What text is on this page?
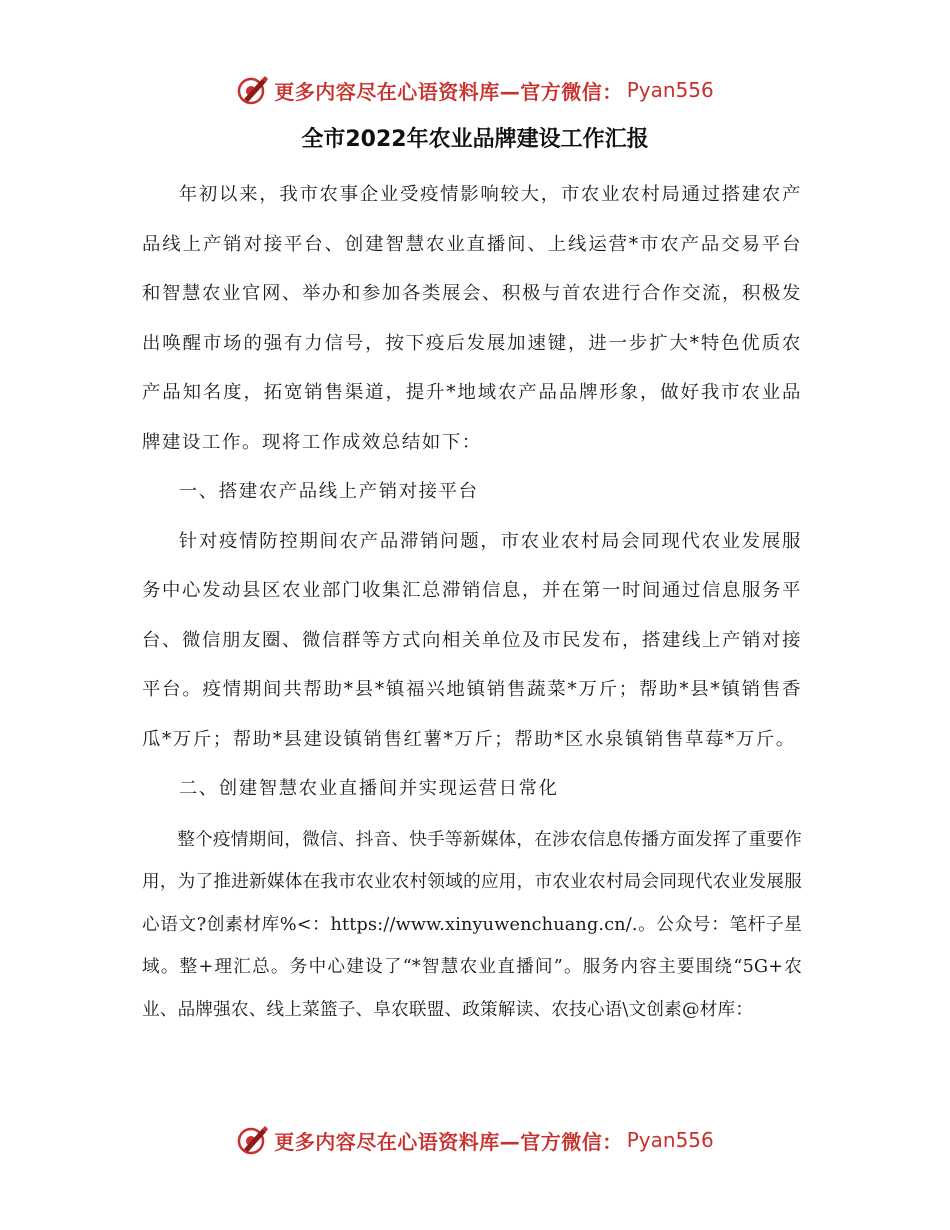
更多内容尽在心语资料库—官方微信： Pyan556
全市2022年农业品牌建设工作汇报

年初以来，我市农事企业受疫情影响较大，市农业农村局通过搭建农产品线上产销对接平台、创建智慧农业直播间、上线运营*市农产品交易平台和智慧农业官网、举办和参加各类展会、积极与首农进行合作交流，积极发出唤醒市场的强有力信号，按下疫后发展加速键，进一步扩大*特色优质农产品知名度，拓宽销售渠道，提升*地域农产品品牌形象，做好我市农业品牌建设工作。现将工作成效总结如下：

一、搭建农产品线上产销对接平台

针对疫情防控期间农产品滞销问题，市农业农村局会同现代农业发展服务中心发动县区农业部门收集汇总滞销信息，并在第一时间通过信息服务平台、微信朋友圈、微信群等方式向相关单位及市民发布，搭建线上产销对接平台。疫情期间共帮助*县*镇福兴地镇销售蔬菜*万斤；帮助*县*镇销售香瓜*万斤；帮助*县建设镇销售红薯*万斤；帮助*区水泉镇销售草莓*万斤。

二、创建智慧农业直播间并实现运营日常化

整个疫情期间，微信、抖音、快手等新媒体，在涉农信息传播方面发挥了重要作用，为了推进新媒体在我市农业农村领域的应用，市农业农村局会同现代农业发展服心语文?创素材库%<：https://www.xinyuwenchuang.cn/.。公众号：笔杆子星域。整+理汇总。务中心建设了“*智慧农业直播间”。服务内容主要围绕“5G+农业、品牌强农、线上菜篮子、阜农联盟、政策解读、农技心语\文创素@材库：

更多内容尽在心语资料库—官方微信： Pyan556
